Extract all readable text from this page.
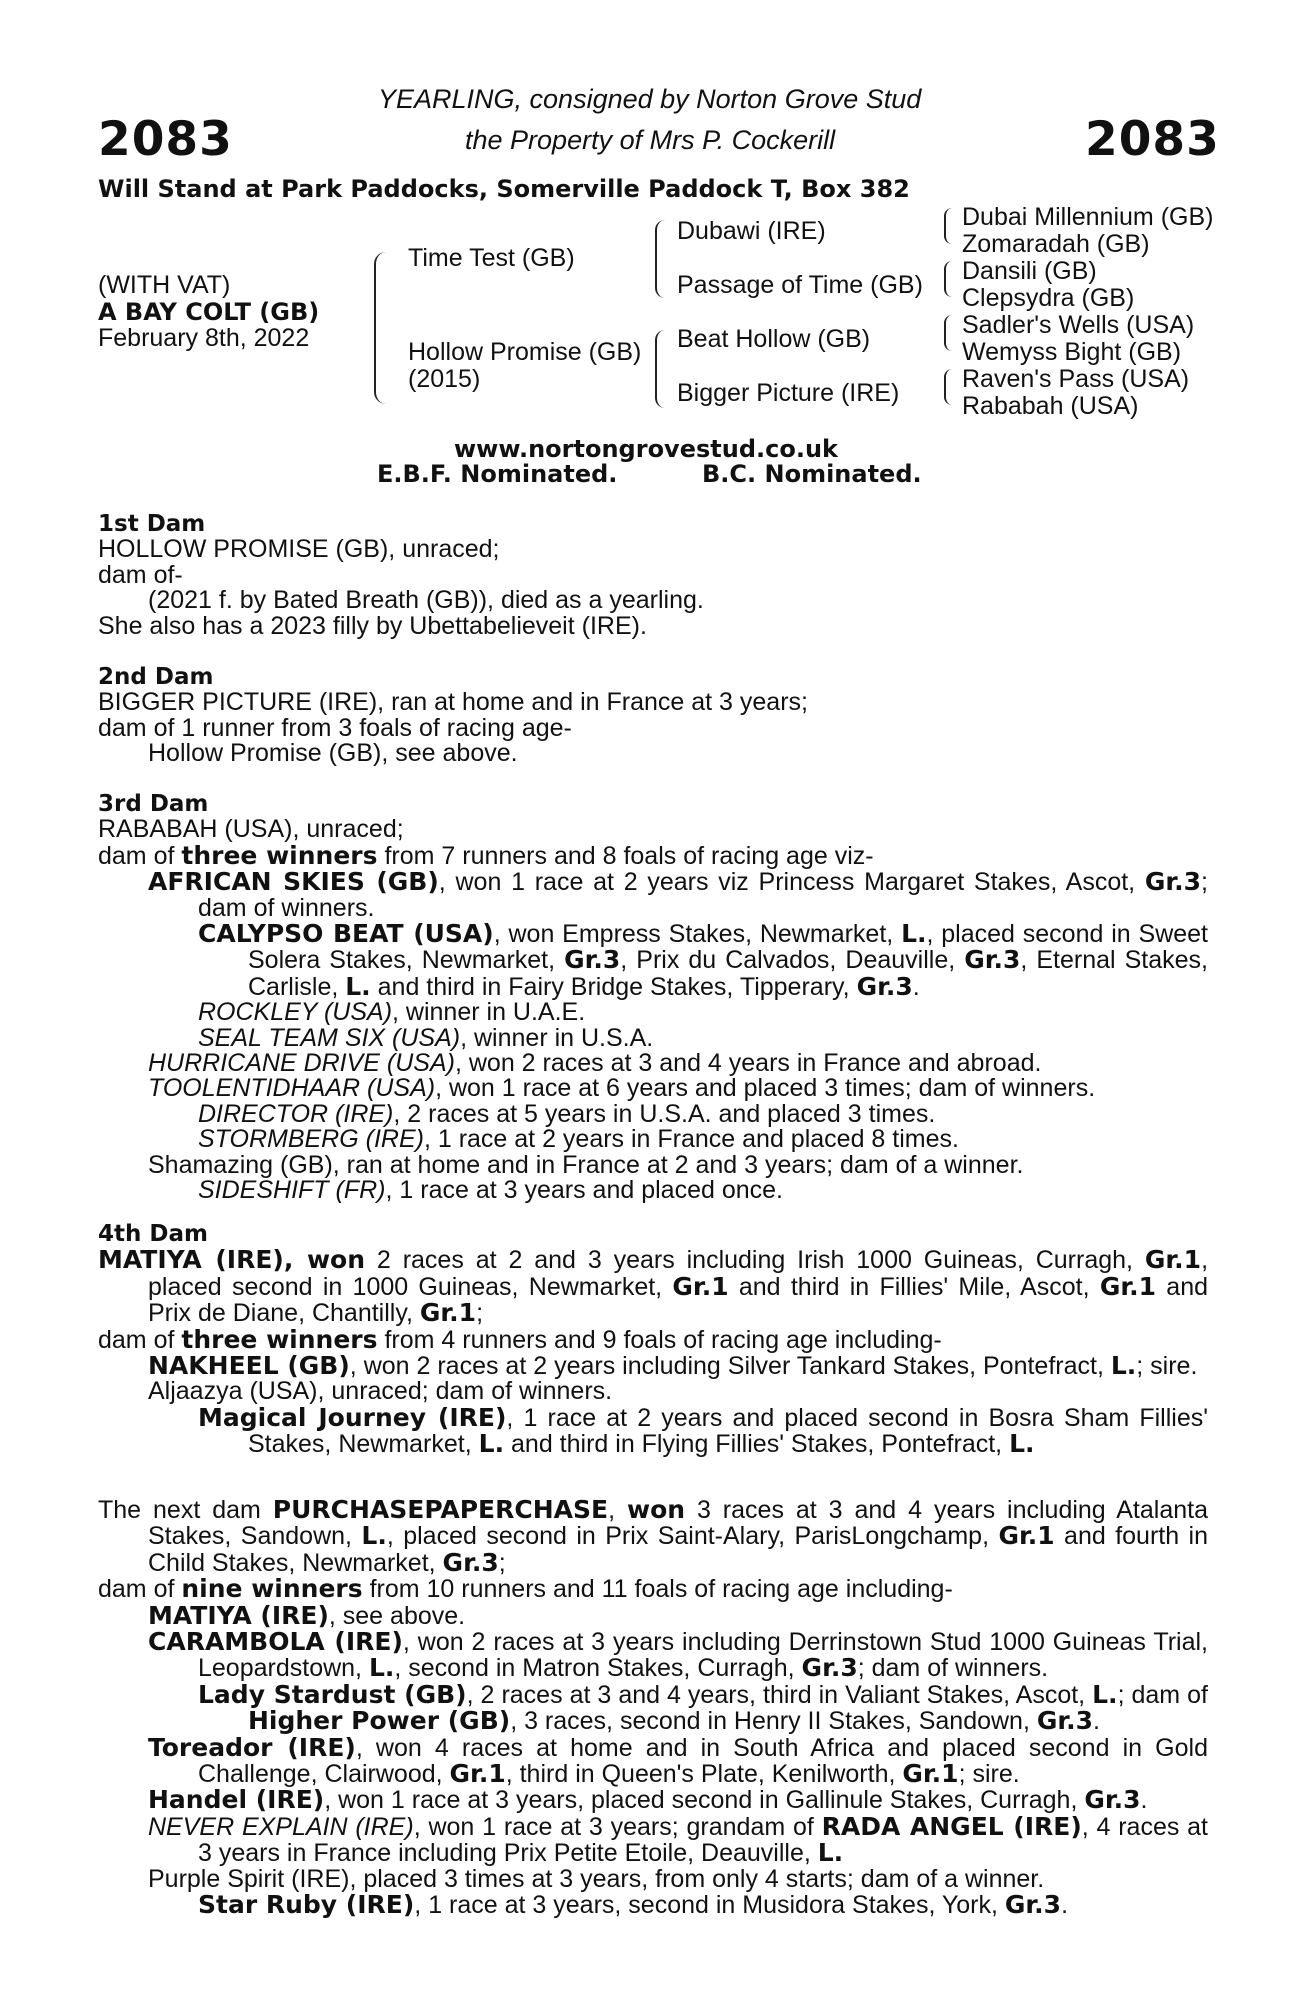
2083	2083
YEARLING, consigned by Norton Grove Stud
the Property of Mrs P. Cockerill
Will Stand at Park Paddocks, Somerville Paddock T, Box 382
(WITH VAT)
A BAY COLT (GB)
February 8th, 2022
Time Test (GB)
Hollow Promise (GB)
(2015)
Dubawi (IRE)
Passage of Time (GB)
Beat Hollow (GB)
Bigger Picture (IRE)
Dubai Millennium (GB)
Zomaradah (GB)
Dansili (GB)
Clepsydra (GB)
Sadler's Wells (USA)
Wemyss Bight (GB)
Raven's Pass (USA)
Rababah (USA)
www.nortongrovestud.co.uk
E.B.F. Nominated.	B.C. Nominated.

1st Dam

HOLLOW PROMISE (GB), unraced;

dam of-

(2021 f. by Bated Breath (GB)), died as a yearling.

She also has a 2023 filly by Ubettabelieveit (IRE).

2nd Dam

BIGGER PICTURE (IRE), ran at home and in France at 3 years;

dam of 1 runner from 3 foals of racing age-

Hollow Promise (GB), see above.

3rd Dam

RABABAH (USA), unraced;

dam of three winners from 7 runners and 8 foals of racing age viz-

AFRICAN SKIES (GB), won 1 race at 2 years viz Princess Margaret Stakes, Ascot, Gr.3; dam of winners.

CALYPSO BEAT (USA), won Empress Stakes, Newmarket, L., placed second in Sweet Solera Stakes, Newmarket, Gr.3, Prix du Calvados, Deauville, Gr.3, Eternal Stakes, Carlisle, L. and third in Fairy Bridge Stakes, Tipperary, Gr.3.

ROCKLEY (USA), winner in U.A.E.

SEAL TEAM SIX (USA), winner in U.S.A.

HURRICANE DRIVE (USA), won 2 races at 3 and 4 years in France and abroad.

TOOLENTIDHAAR (USA), won 1 race at 6 years and placed 3 times; dam of winners.

DIRECTOR (IRE), 2 races at 5 years in U.S.A. and placed 3 times.

STORMBERG (IRE), 1 race at 2 years in France and placed 8 times.

Shamazing (GB), ran at home and in France at 2 and 3 years; dam of a winner.

SIDESHIFT (FR), 1 race at 3 years and placed once.

4th Dam

MATIYA (IRE), won 2 races at 2 and 3 years including Irish 1000 Guineas, Curragh, Gr.1, placed second in 1000 Guineas, Newmarket, Gr.1 and third in Fillies' Mile, Ascot, Gr.1 and Prix de Diane, Chantilly, Gr.1;

dam of three winners from 4 runners and 9 foals of racing age including-

NAKHEEL (GB), won 2 races at 2 years including Silver Tankard Stakes, Pontefract, L.; sire.

Aljaazya (USA), unraced; dam of winners.

Magical Journey (IRE), 1 race at 2 years and placed second in Bosra Sham Fillies' Stakes, Newmarket, L. and third in Flying Fillies' Stakes, Pontefract, L.

The next dam PURCHASEPAPERCHASE, won 3 races at 3 and 4 years including Atalanta Stakes, Sandown, L., placed second in Prix Saint-Alary, ParisLongchamp, Gr.1 and fourth in Child Stakes, Newmarket, Gr.3;

dam of nine winners from 10 runners and 11 foals of racing age including-

MATIYA (IRE), see above.

CARAMBOLA (IRE), won 2 races at 3 years including Derrinstown Stud 1000 Guineas Trial, Leopardstown, L., second in Matron Stakes, Curragh, Gr.3; dam of winners.

Lady Stardust (GB), 2 races at 3 and 4 years, third in Valiant Stakes, Ascot, L.; dam of Higher Power (GB), 3 races, second in Henry II Stakes, Sandown, Gr.3.

Toreador (IRE), won 4 races at home and in South Africa and placed second in Gold Challenge, Clairwood, Gr.1, third in Queen's Plate, Kenilworth, Gr.1; sire.

Handel (IRE), won 1 race at 3 years, placed second in Gallinule Stakes, Curragh, Gr.3.

NEVER EXPLAIN (IRE), won 1 race at 3 years; grandam of RADA ANGEL (IRE), 4 races at 3 years in France including Prix Petite Etoile, Deauville, L.

Purple Spirit (IRE), placed 3 times at 3 years, from only 4 starts; dam of a winner.

Star Ruby (IRE), 1 race at 3 years, second in Musidora Stakes, York, Gr.3.
